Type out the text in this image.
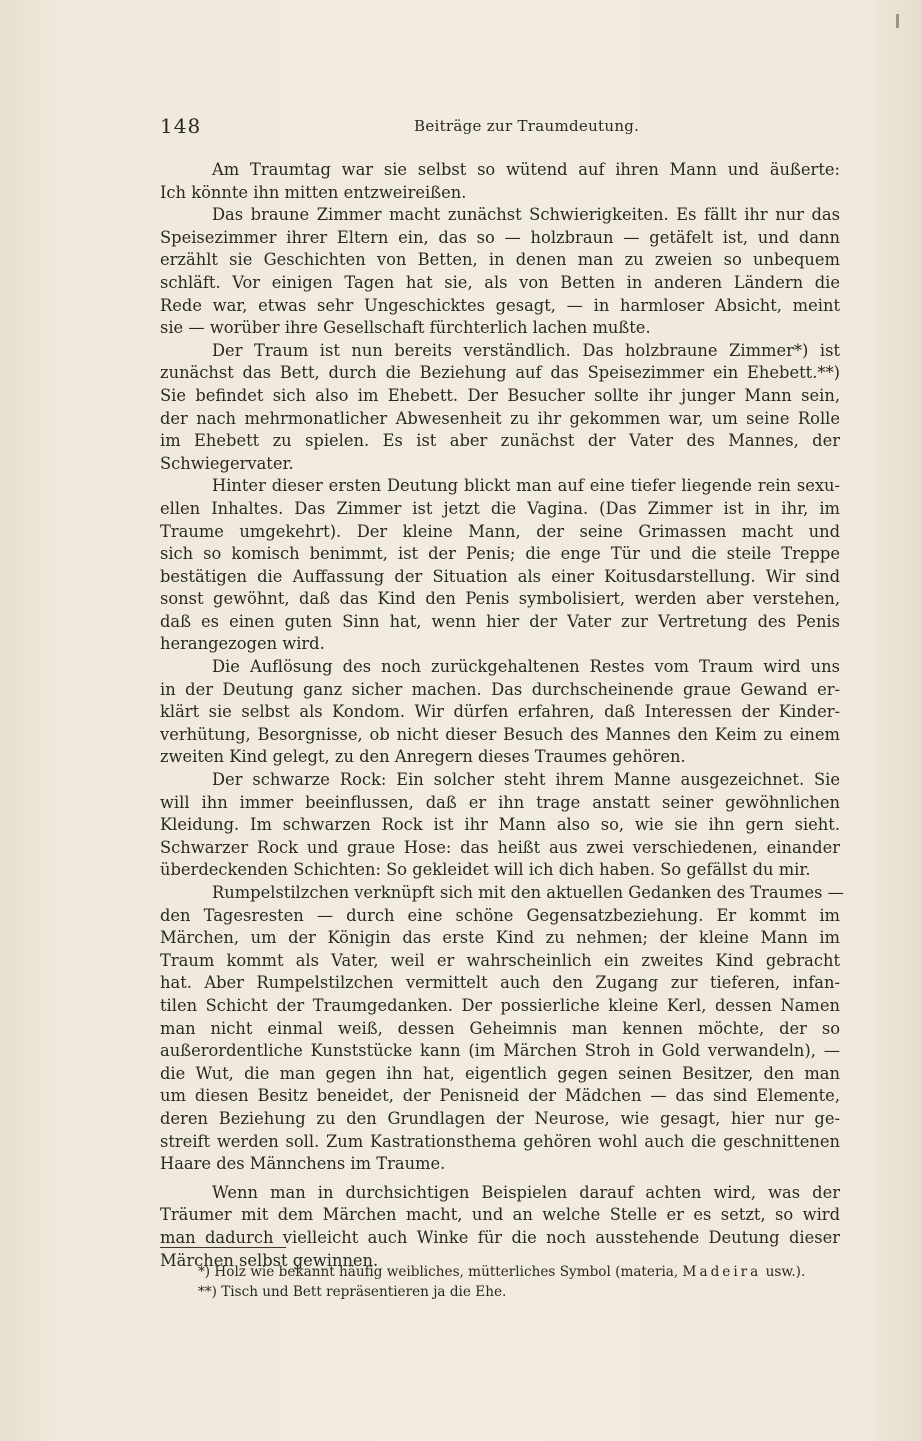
148	Beiträge zur Traumdeutung.
Am Traumtag war sie selbst so wütend auf ihren Mann und äußerte:
Ich könnte ihn mitten entzweireißen.
Das braune Zimmer macht zunächst Schwierigkeiten. Es fällt ihr nur das
Speisezimmer ihrer Eltern ein, das so — holzbraun — getäfelt ist, und dann
erzählt sie Geschichten von Betten, in denen man zu zweien so unbequem
schläft. Vor einigen Tagen hat sie, als von Betten in anderen Ländern die
Rede war, etwas sehr Ungeschicktes gesagt, — in harmloser Absicht, meint
sie — worüber ihre Gesellschaft fürchterlich lachen mußte.
Der Traum ist nun bereits verständlich. Das holzbraune Zimmer*) ist
zunächst das Bett, durch die Beziehung auf das Speisezimmer ein Ehebett.**)
Sie befindet sich also im Ehebett. Der Besucher sollte ihr junger Mann sein,
der nach mehrmonatlicher Abwesenheit zu ihr gekommen war, um seine Rolle
im Ehebett zu spielen. Es ist aber zunächst der Vater des Mannes, der
Schwiegervater.
Hinter dieser ersten Deutung blickt man auf eine tiefer liegende rein sexu-
ellen Inhaltes. Das Zimmer ist jetzt die Vagina. (Das Zimmer ist in ihr, im
Traume umgekehrt). Der kleine Mann, der seine Grimassen macht und
sich so komisch benimmt, ist der Penis; die enge Tür und die steile Treppe
bestätigen die Auffassung der Situation als einer Koitusdarstellung. Wir sind
sonst gewöhnt, daß das Kind den Penis symbolisiert, werden aber verstehen,
daß es einen guten Sinn hat, wenn hier der Vater zur Vertretung des Penis
herangezogen wird.
Die Auflösung des noch zurückgehaltenen Restes vom Traum wird uns
in der Deutung ganz sicher machen. Das durchscheinende graue Gewand er-
klärt sie selbst als Kondom. Wir dürfen erfahren, daß Interessen der Kinder-
verhütung, Besorgnisse, ob nicht dieser Besuch des Mannes den Keim zu einem
zweiten Kind gelegt, zu den Anregern dieses Traumes gehören.
Der schwarze Rock: Ein solcher steht ihrem Manne ausgezeichnet. Sie
will ihn immer beeinflussen, daß er ihn trage anstatt seiner gewöhnlichen
Kleidung. Im schwarzen Rock ist ihr Mann also so, wie sie ihn gern sieht.
Schwarzer Rock und graue Hose: das heißt aus zwei verschiedenen, einander
überdeckenden Schichten: So gekleidet will ich dich haben. So gefällst du mir.
Rumpelstilzchen verknüpft sich mit den aktuellen Gedanken des Traumes —
den Tagesresten — durch eine schöne Gegensatzbeziehung. Er kommt im
Märchen, um der Königin das erste Kind zu nehmen; der kleine Mann im
Traum kommt als Vater, weil er wahrscheinlich ein zweites Kind gebracht
hat. Aber Rumpelstilzchen vermittelt auch den Zugang zur tieferen, infan-
tilen Schicht der Traumgedanken. Der possierliche kleine Kerl, dessen Namen
man nicht einmal weiß, dessen Geheimnis man kennen möchte, der so
außerordentliche Kunststücke kann (im Märchen Stroh in Gold verwandeln), —
die Wut, die man gegen ihn hat, eigentlich gegen seinen Besitzer, den man
um diesen Besitz beneidet, der Penisneid der Mädchen — das sind Elemente,
deren Beziehung zu den Grundlagen der Neurose, wie gesagt, hier nur ge-
streift werden soll. Zum Kastrationsthema gehören wohl auch die geschnittenen
Haare des Männchens im Traume.
Wenn man in durchsichtigen Beispielen darauf achten wird, was der
Träumer mit dem Märchen macht, und an welche Stelle er es setzt, so wird
man dadurch vielleicht auch Winke für die noch ausstehende Deutung dieser
Märchen selbst gewinnen.
*) Holz wie bekannt häufig weibliches, mütterliches Symbol (materia, Madeira usw.).
**) Tisch und Bett repräsentieren ja die Ehe.
